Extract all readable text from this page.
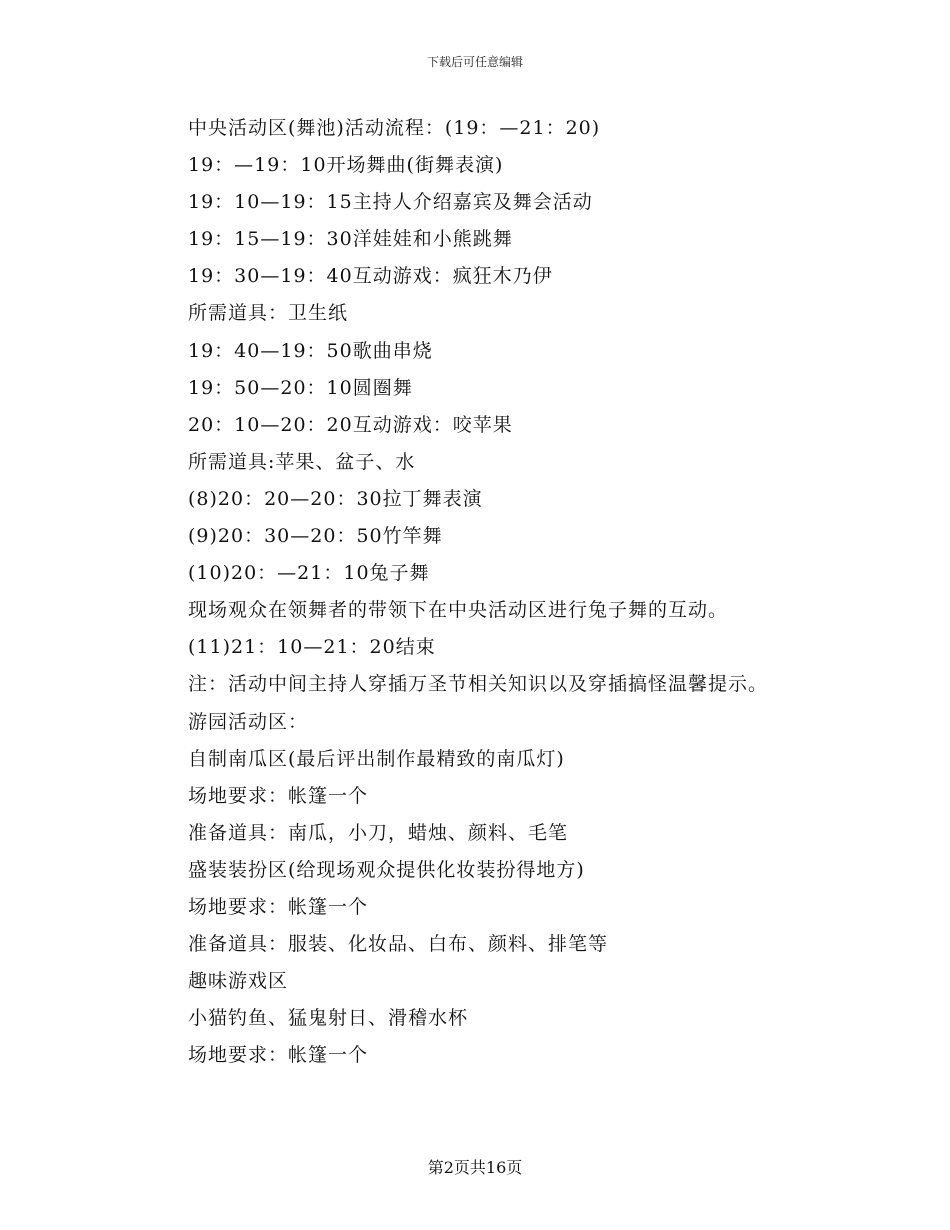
下载后可任意编辑
中央活动区(舞池)活动流程：(19：—21：20)
19：—19：10开场舞曲(街舞表演)
19：10—19：15主持人介绍嘉宾及舞会活动
19：15—19：30洋娃娃和小熊跳舞
19：30—19：40互动游戏：疯狂木乃伊
所需道具：卫生纸
19：40—19：50歌曲串烧
19：50—20：10圆圈舞
20：10—20：20互动游戏：咬苹果
所需道具:苹果、盆子、水
(8)20：20—20：30拉丁舞表演
(9)20：30—20：50竹竿舞
(10)20：—21：10兔子舞
现场观众在领舞者的带领下在中央活动区进行兔子舞的互动。
(11)21：10—21：20结束
注：活动中间主持人穿插万圣节相关知识以及穿插搞怪温馨提示。
游园活动区：
自制南瓜区(最后评出制作最精致的南瓜灯)
场地要求：帐篷一个
准备道具：南瓜，小刀，蜡烛、颜料、毛笔
盛装装扮区(给现场观众提供化妆装扮得地方)
场地要求：帐篷一个
准备道具：服装、化妆品、白布、颜料、排笔等
趣味游戏区
小猫钓鱼、猛鬼射日、滑稽水杯
场地要求：帐篷一个
第2页共16页
